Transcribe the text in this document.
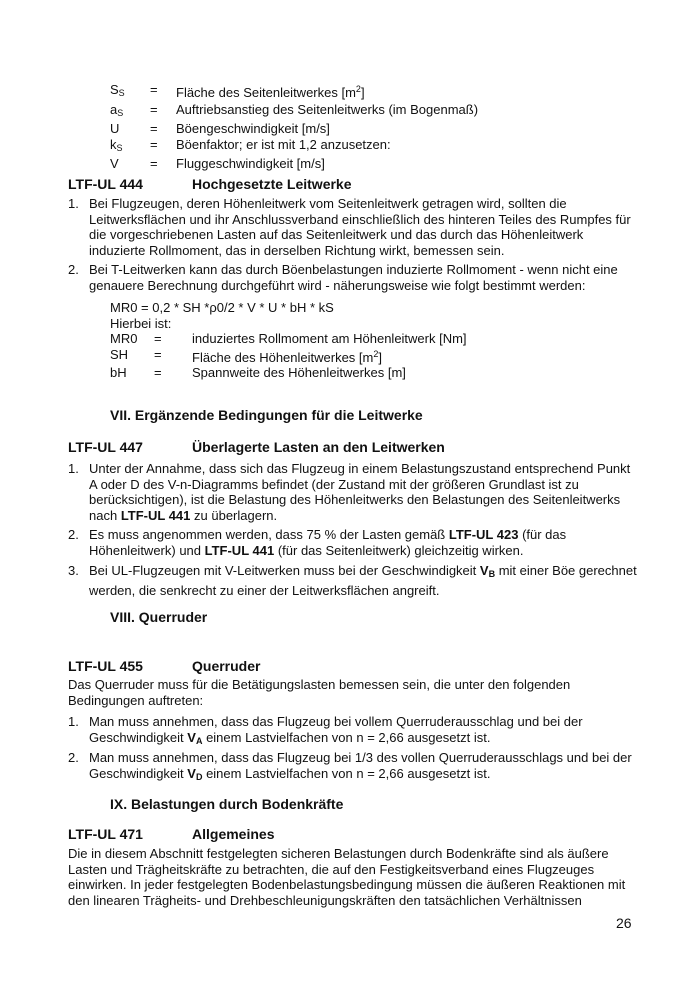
$S_S$	=	Fläche des Seitenleitwerkes $[m^2]$
$a_S$	=	Auftriebsanstieg des Seitenleitwerks (im Bogenmaß)
U	=	Böengeschwindigkeit [m/s]
$k_S$	=	Böenfaktor; er ist mit 1,2 anzusetzen:
V	=	Fluggeschwindigkeit [m/s]
LTF-UL 444	Hochgesetzte Leitwerke
1. Bei Flugzeugen, deren Höhenleitwerk vom Seitenleitwerk getragen wird, sollten die Leitwerksflächen und ihr Anschlussverband einschließlich des hinteren Teiles des Rumpfes für die vorgeschriebenen Lasten auf das Seitenleitwerk und das durch das Höhenleitwerk induzierte Rollmoment, das in derselben Richtung wirkt, bemessen sein.
2. Bei T-Leitwerken kann das durch Böenbelastungen induzierte Rollmoment - wenn nicht eine genauere Berechnung durchgeführt wird - näherungsweise wie folgt bestimmt werden:
MR0 = 0,2 * SH *ρ0/2 * V * U * bH * kS
Hierbei ist:
MR0	=	induziertes Rollmoment am Höhenleitwerk [Nm]
SH	=	Fläche des Höhenleitwerkes $[m^2]$
bH	=	Spannweite des Höhenleitwerkes [m]
VII. Ergänzende Bedingungen für die Leitwerke
LTF-UL 447	Überlagerte Lasten an den Leitwerken
1. Unter der Annahme, dass sich das Flugzeug in einem Belastungszustand entsprechend Punkt A oder D des V-n-Diagramms befindet (der Zustand mit der größeren Grundlast ist zu berücksichtigen), ist die Belastung des Höhenleitwerks den Belastungen des Seitenleitwerks nach LTF-UL 441 zu überlagern.
2. Es muss angenommen werden, dass 75 % der Lasten gemäß LTF-UL 423 (für das Höhenleitwerk) und LTF-UL 441 (für das Seitenleitwerk) gleichzeitig wirken.
3. Bei UL-Flugzeugen mit V-Leitwerken muss bei der Geschwindigkeit $V_B$ mit einer Böe gerechnet werden, die senkrecht zu einer der Leitwerksflächen angreift.
VIII. Querruder
LTF-UL 455	Querruder
Das Querruder muss für die Betätigungslasten bemessen sein, die unter den folgenden Bedingungen auftreten:
1. Man muss annehmen, dass das Flugzeug bei vollem Querruderausschlag und bei der Geschwindigkeit $V_A$ einem Lastvielfachen von n = 2,66 ausgesetzt ist.
2. Man muss annehmen, dass das Flugzeug bei 1/3 des vollen Querruderausschlags und bei der Geschwindigkeit $V_D$ einem Lastvielfachen von n = 2,66 ausgesetzt ist.
IX. Belastungen durch Bodenkräfte
LTF-UL 471	Allgemeines
Die in diesem Abschnitt festgelegten sicheren Belastungen durch Bodenkräfte sind als äußere Lasten und Trägheitskräfte zu betrachten, die auf den Festigkeitsverband eines Flugzeuges einwirken. In jeder festgelegten Bodenbelastungsbedingung müssen die äußeren Reaktionen mit den linearen Trägheits- und Drehbeschleunigungskräften den tatsächlichen Verhältnissen
26
